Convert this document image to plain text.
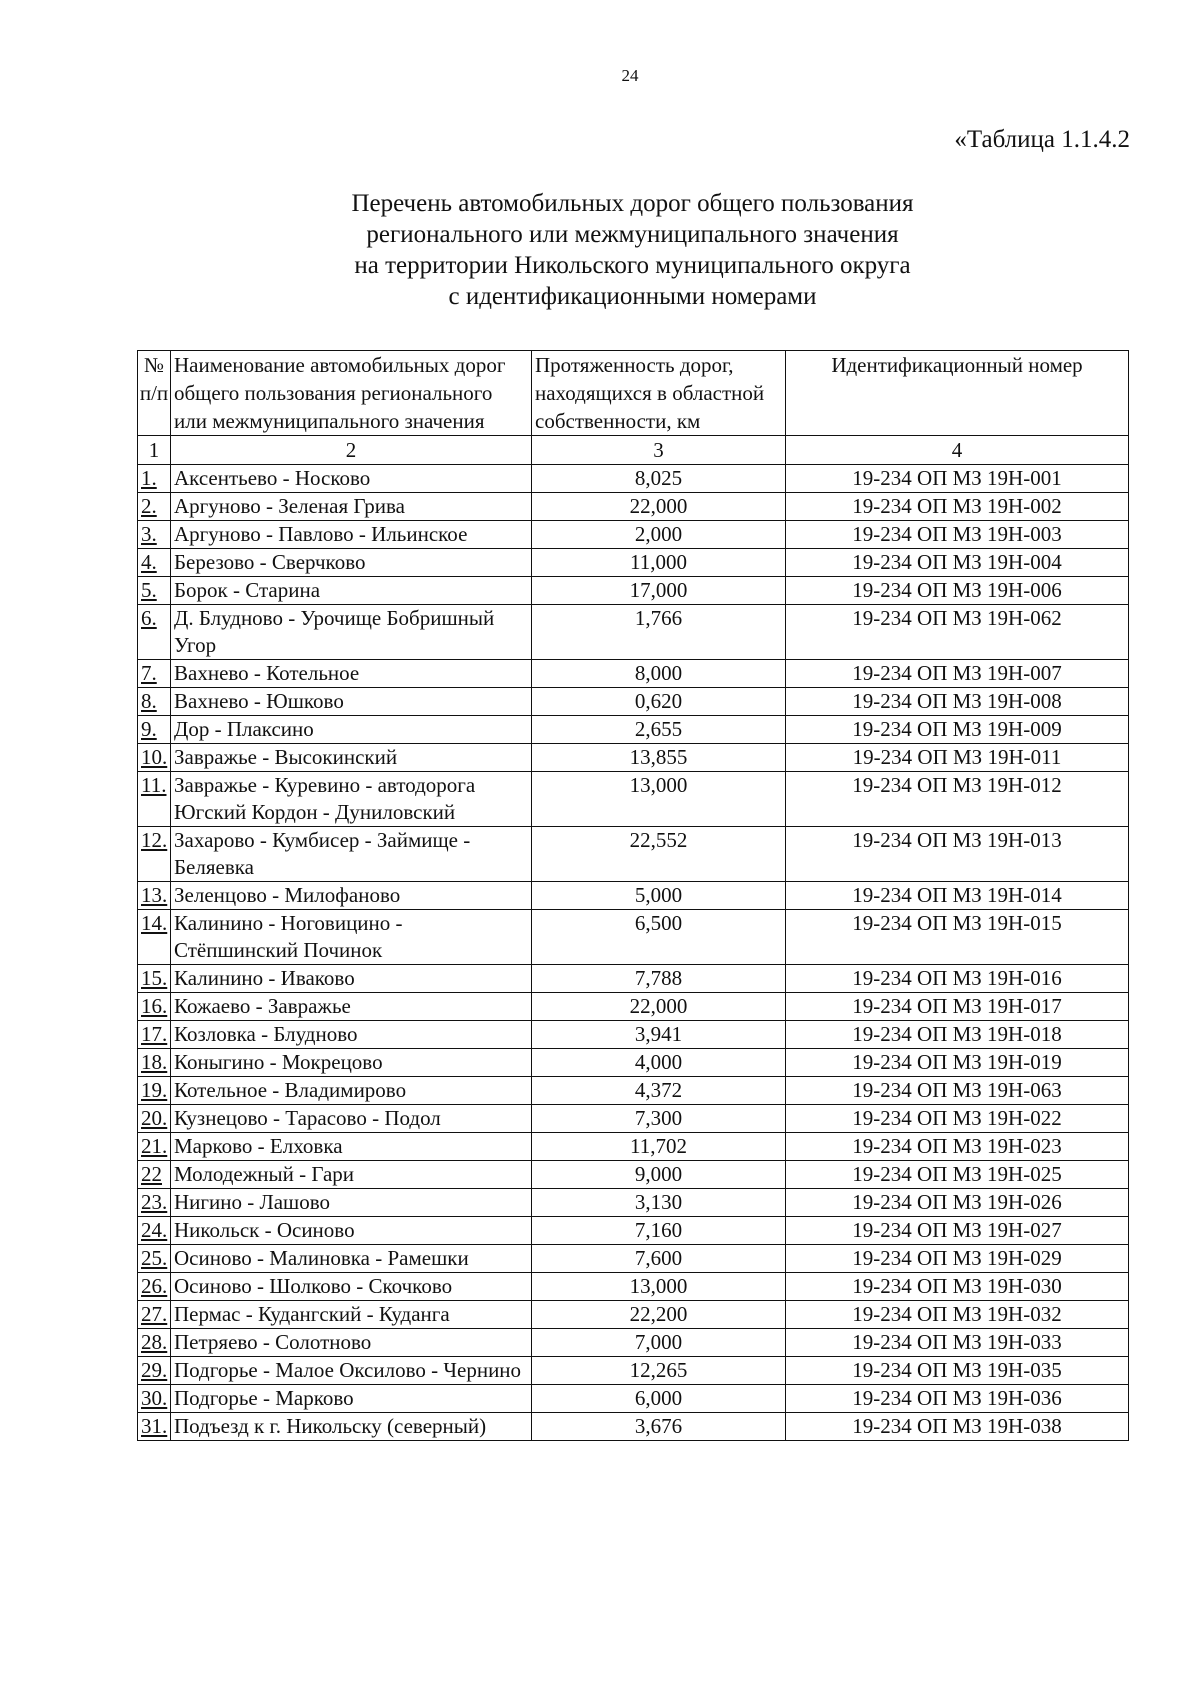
24
«Таблица 1.1.4.2
Перечень автомобильных дорог общего пользования
регионального или межмуниципального значения
на территории Никольского муниципального округа
с идентификационными номерами
№ п/п	Наименование автомобильных дорог общего пользования регионального или межмуниципального значения	Протяженность дорог, находящихся в областной собственности, км	Идентификационный номер
1	2	3	4
1.	Аксентьево - Носково	8,025	19-234 ОП МЗ 19Н-001
2.	Аргуново - Зеленая Грива	22,000	19-234 ОП МЗ 19Н-002
3.	Аргуново - Павлово - Ильинское	2,000	19-234 ОП МЗ 19Н-003
4.	Березово - Сверчково	11,000	19-234 ОП МЗ 19Н-004
5.	Борок - Старина	17,000	19-234 ОП МЗ 19Н-006
6.	Д. Блудново - Урочище Бобришный Угор	1,766	19-234 ОП МЗ 19Н-062
7.	Вахнево - Котельное	8,000	19-234 ОП МЗ 19Н-007
8.	Вахнево - Юшково	0,620	19-234 ОП МЗ 19Н-008
9.	Дор - Плаксино	2,655	19-234 ОП МЗ 19Н-009
10.	Завражье - Высокинский	13,855	19-234 ОП МЗ 19Н-011
11.	Завражье - Куревино - автодорога Югский Кордон - Дуниловский	13,000	19-234 ОП МЗ 19Н-012
12.	Захарово - Кумбисер - Займище - Беляевка	22,552	19-234 ОП МЗ 19Н-013
13.	Зеленцово - Милофаново	5,000	19-234 ОП МЗ 19Н-014
14.	Калинино - Ноговицино - Стёпшинский Починок	6,500	19-234 ОП МЗ 19Н-015
15.	Калинино - Иваково	7,788	19-234 ОП МЗ 19Н-016
16.	Кожаево - Завражье	22,000	19-234 ОП МЗ 19Н-017
17.	Козловка - Блудново	3,941	19-234 ОП МЗ 19Н-018
18.	Коныгино - Мокрецово	4,000	19-234 ОП МЗ 19Н-019
19.	Котельное - Владимирово	4,372	19-234 ОП МЗ 19Н-063
20.	Кузнецово - Тарасово - Подол	7,300	19-234 ОП МЗ 19Н-022
21.	Марково - Елховка	11,702	19-234 ОП МЗ 19Н-023
22	Молодежный - Гари	9,000	19-234 ОП МЗ 19Н-025
23.	Нигино - Лашово	3,130	19-234 ОП МЗ 19Н-026
24.	Никольск - Осиново	7,160	19-234 ОП МЗ 19Н-027
25.	Осиново - Малиновка - Рамешки	7,600	19-234 ОП МЗ 19Н-029
26.	Осиново - Шолково - Скочково	13,000	19-234 ОП МЗ 19Н-030
27.	Пермас - Кудангский - Куданга	22,200	19-234 ОП МЗ 19Н-032
28.	Петряево - Солотново	7,000	19-234 ОП МЗ 19Н-033
29.	Подгорье - Малое Оксилово - Чернино	12,265	19-234 ОП МЗ 19Н-035
30.	Подгорье - Марково	6,000	19-234 ОП МЗ 19Н-036
31.	Подъезд к г. Никольску (северный)	3,676	19-234 ОП МЗ 19Н-038
